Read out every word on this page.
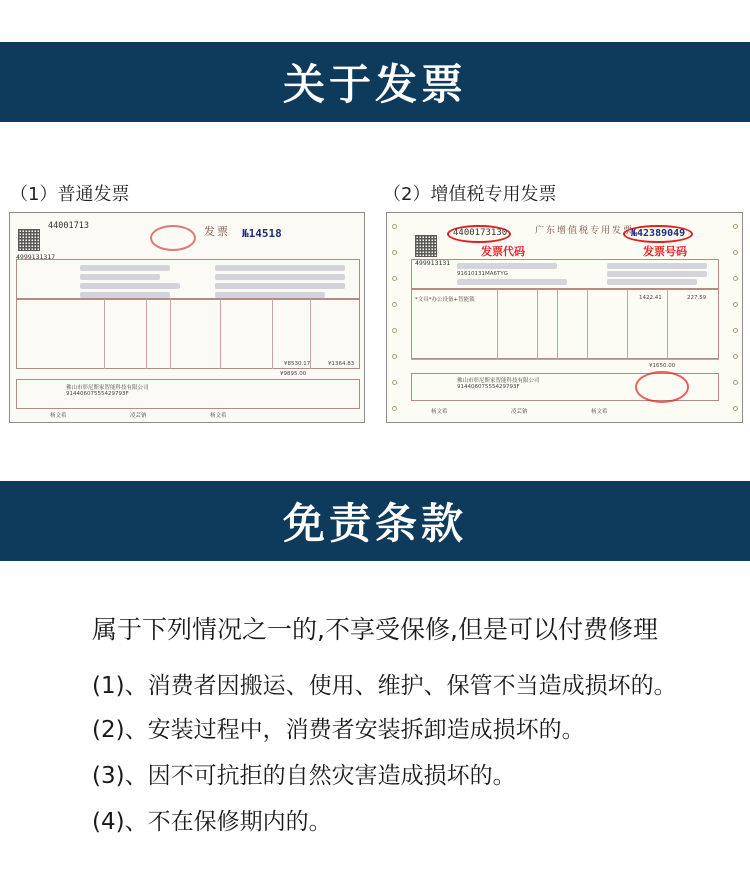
关于发票
（1）普通发票	（2）增值税专用发票
44001713
4999131317
发票	№14518
¥8530.17	¥1364.83
¥9895.00
佛山市彰尼斯家智能科技有限公司
91440607555429793F
杨文希	凌芸钠	杨文希
4400173130
发票代码
499913131
广东增值税专用发票
№42389049
发票号码
91610131MA6TYG
*文具*办公设备+智能锁	1422.41	227.59
¥1650.00
佛山市彰尼斯家智能科技有限公司
91440607555429793F
杨文希	凌芸钠	杨文希
免责条款
属于下列情况之一的,不享受保修,但是可以付费修理
(1)、消费者因搬运、使用、维护、保管不当造成损坏的。
(2)、安装过程中，消费者安装拆卸造成损坏的。
(3)、因不可抗拒的自然灾害造成损坏的。
(4)、不在保修期内的。
